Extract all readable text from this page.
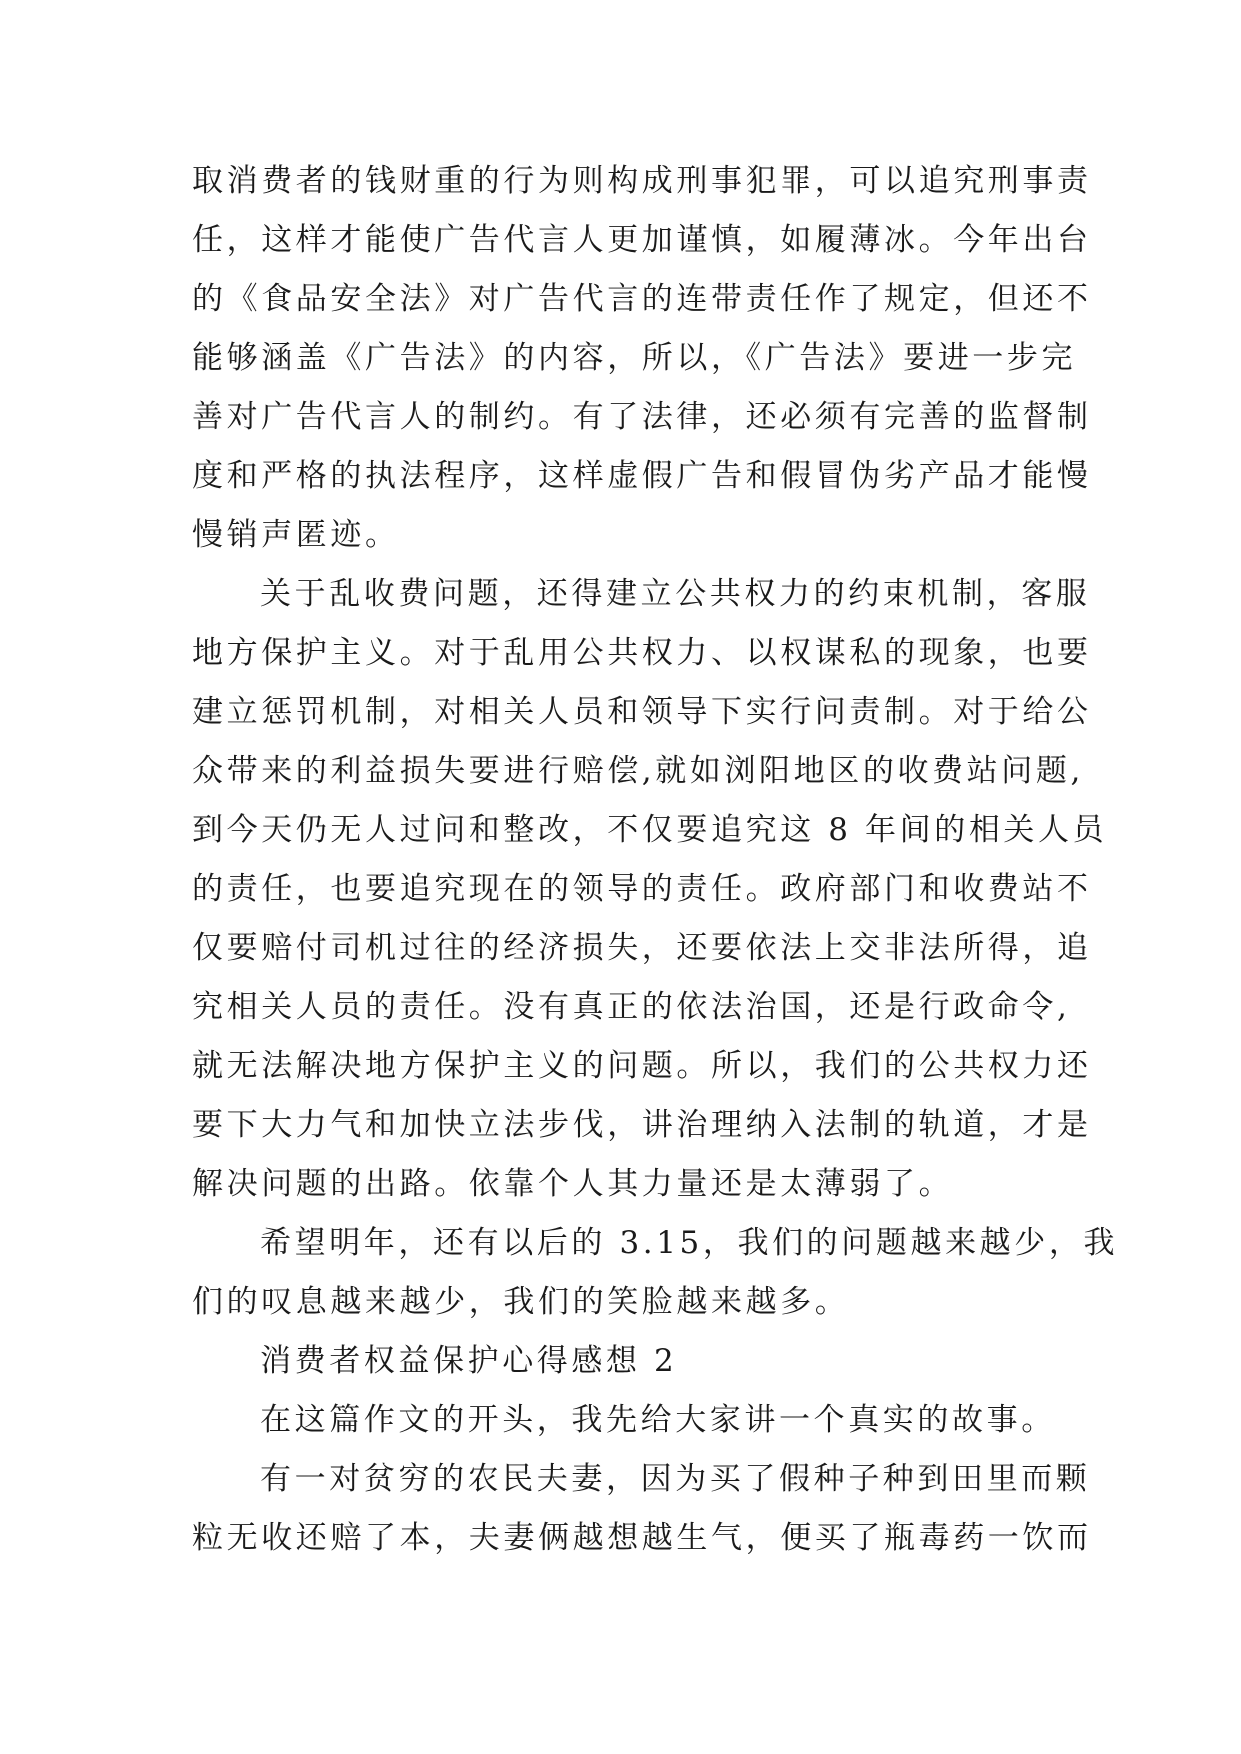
取消费者的钱财重的行为则构成刑事犯罪，可以追究刑事责
任，这样才能使广告代言人更加谨慎，如履薄冰。今年出台
的《食品安全法》对广告代言的连带责任作了规定，但还不
能够涵盖《广告法》的内容，所以，《广告法》要进一步完
善对广告代言人的制约。有了法律，还必须有完善的监督制
度和严格的执法程序，这样虚假广告和假冒伪劣产品才能慢
慢销声匿迹。
关于乱收费问题，还得建立公共权力的约束机制，客服
地方保护主义。对于乱用公共权力、以权谋私的现象，也要
建立惩罚机制，对相关人员和领导下实行问责制。对于给公
众带来的利益损失要进行赔偿,就如浏阳地区的收费站问题,
到今天仍无人过问和整改，不仅要追究这 8 年间的相关人员
的责任，也要追究现在的领导的责任。政府部门和收费站不
仅要赔付司机过往的经济损失，还要依法上交非法所得，追
究相关人员的责任。没有真正的依法治国，还是行政命令,
就无法解决地方保护主义的问题。所以，我们的公共权力还
要下大力气和加快立法步伐，讲治理纳入法制的轨道，才是
解决问题的出路。依靠个人其力量还是太薄弱了。
希望明年，还有以后的 3.15，我们的问题越来越少，我
们的叹息越来越少，我们的笑脸越来越多。
消费者权益保护心得感想 2
在这篇作文的开头，我先给大家讲一个真实的故事。
有一对贫穷的农民夫妻，因为买了假种子种到田里而颗
粒无收还赔了本，夫妻俩越想越生气，便买了瓶毒药一饮而
